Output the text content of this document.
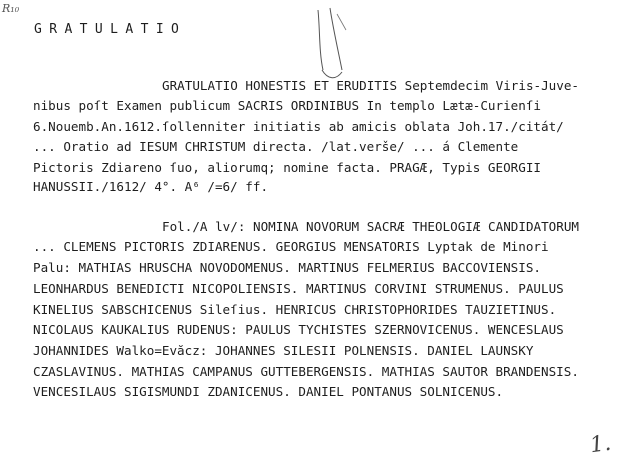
R₁₀
GRATULATIO
GRATULATIO HONESTIS ET ERUDITIS Septemdecim Viris-Juve-
nibus poſt Examen publicum SACRIS ORDINIBUS In templo Lætæ-Curienſi
6.Nouemb.An.1612.ſollenniter initiatis ab amicis oblata Joh.17./citát/
... Oratio ad IESUM CHRISTUM directa. /lat.verše/ ... á Clemente
Pictoris Zdiareno ſuo, aliorumq; nomine facta. PRAGÆ, Typis GEORGII
HANUSSII./1612/ 4°. A⁶ /=6/ ff.
Fol./A lv/: NOMINA NOVORUM SACRÆ THEOLOGIÆ CANDIDATORUM
... CLEMENS PICTORIS ZDIARENUS. GEORGIUS MENSATORIS Lyptak de Minori
Palu: MATHIAS HRUSCHA NOVODOMENUS. MARTINUS FELMERIUS BACCOVIENSIS.
LEONHARDUS BENEDICTI NICOPOLIENSIS. MARTINUS CORVINI STRUMENUS. PAULUS
KINELIUS SABSCHICENUS Sileſius. HENRICUS CHRISTOPHORIDES TAUZIETINUS.
NICOLAUS KAUKALIUS RUDENUS: PAULUS TYCHISTES SZERNOVICENUS. WENCESLAUS
JOHANNIDES Walko=Evăcz: JOHANNES SILESII POLNENSIS. DANIEL LAUNSKY
CZASLAVINUS. MATHIAS CAMPANUS GUTTEBERGENSIS. MATHIAS SAUTOR BRANDENSIS.
VENCESILAUS SIGISMUNDI ZDANICENUS. DANIEL PONTANUS SOLNICENUS.
1.
